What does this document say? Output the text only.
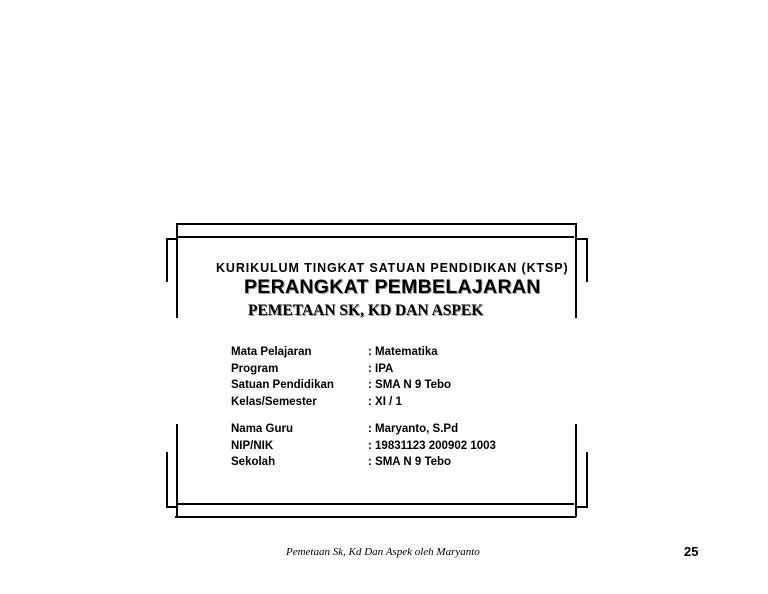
KURIKULUM TINGKAT SATUAN PENDIDIKAN (KTSP)
PERANGKAT PEMBELAJARAN
PEMETAAN SK, KD DAN ASPEK
Mata Pelajaran	: Matematika
Program	: IPA
Satuan Pendidikan	: SMA N 9 Tebo
Kelas/Semester	: XI / 1
Nama Guru	: Maryanto, S.Pd
NIP/NIK	: 19831123 200902 1003
Sekolah	: SMA N 9 Tebo
Pemetaan Sk, Kd Dan Aspek oleh Maryanto	25
